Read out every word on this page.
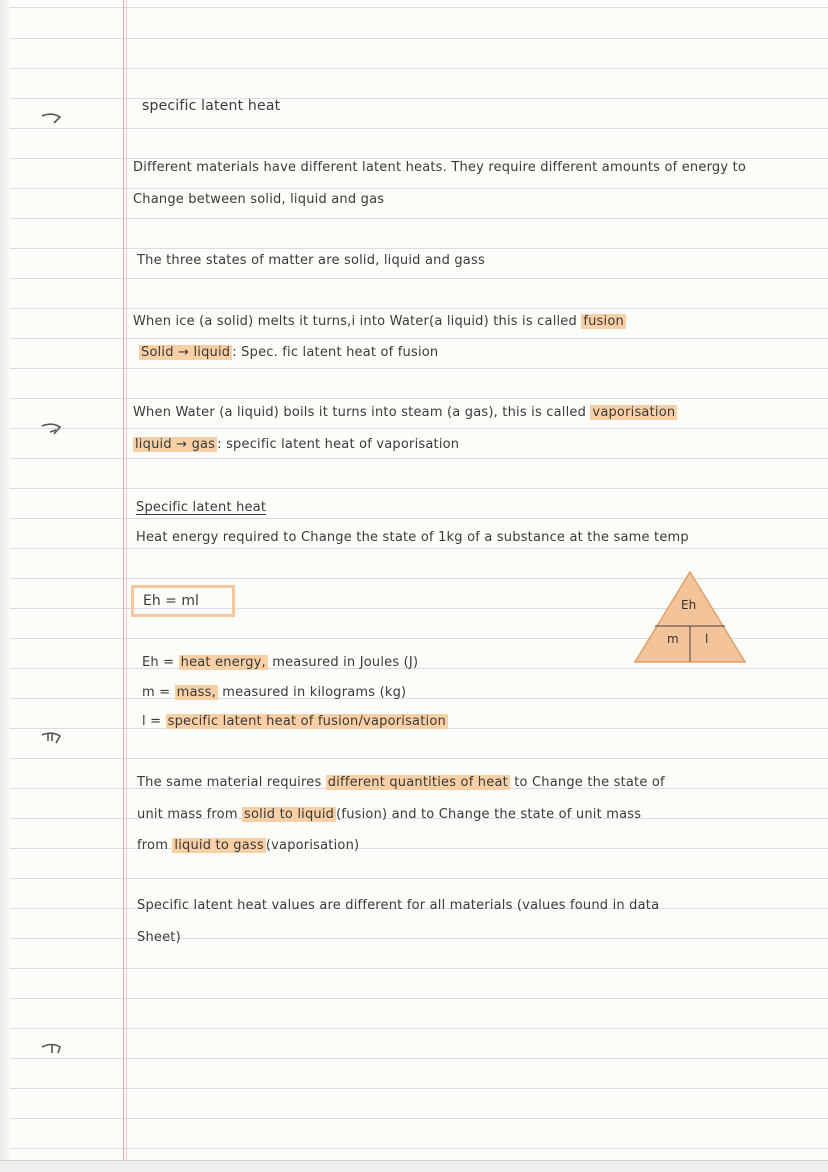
specific latent heat
Different materials have different latent heats. They require different amounts of energy to
Change between solid, liquid and gas
The three states of matter are solid, liquid and gass
When ice (a solid) melts it turns,i into Water(a liquid) this is called fusion
Solid → liquid : Spec. fic latent heat of fusion
When Water (a liquid) boils it turns into steam (a gas), this is called vaporisation
liquid → gas : specific latent heat of vaporisation
Specific latent heat
Heat energy required to Change the state of 1kg of a substance at the same temp
Eh = ml	Eh
m l
Eh = heat energy, measured in Joules (J)
m = mass, measured in kilograms (kg)
l = specific latent heat of fusion/vaporisation
The same material requires different quantities of heat to Change the state of
unit mass from solid to liquid (fusion) and to Change the state of unit mass
from liquid to gass (vaporisation)
Specific latent heat values are different for all materials (values found in data
Sheet)
